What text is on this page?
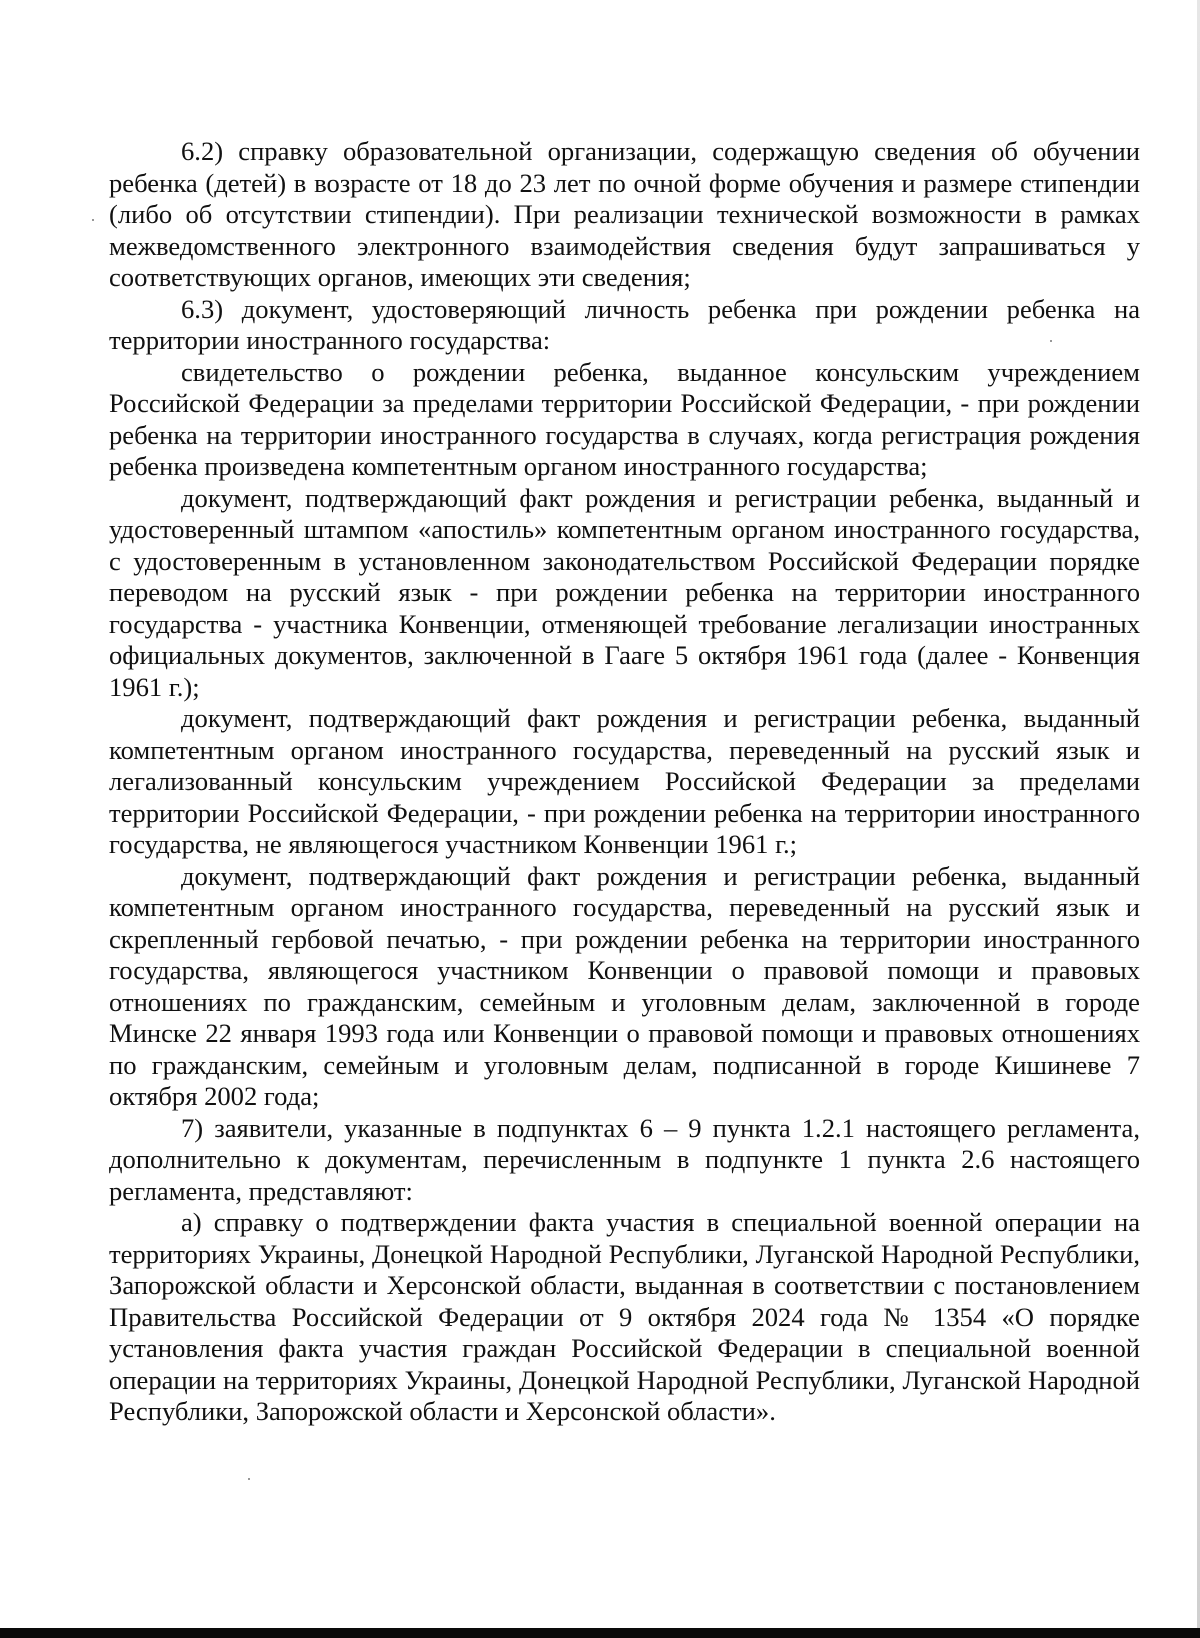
6.2) справку образовательной организации, содержащую сведения об обучении ребенка (детей) в возрасте от 18 до 23 лет по очной форме обучения и размере стипендии (либо об отсутствии стипендии). При реализации технической возможности в рамках межведомственного электронного взаимодействия сведения будут запрашиваться у соответствующих органов, имеющих эти сведения;

6.3) документ, удостоверяющий личность ребенка при рождении ребенка на территории иностранного государства:

свидетельство о рождении ребенка, выданное консульским учреждением Российской Федерации за пределами территории Российской Федерации, - при рождении ребенка на территории иностранного государства в случаях, когда регистрация рождения ребенка произведена компетентным органом иностранного государства;

документ, подтверждающий факт рождения и регистрации ребенка, выданный и удостоверенный штампом «апостиль» компетентным органом иностранного государства, с удостоверенным в установленном законодательством Российской Федерации порядке переводом на русский язык - при рождении ребенка на территории иностранного государства - участника Конвенции, отменяющей требование легализации иностранных официальных документов, заключенной в Гааге 5 октября 1961 года (далее - Конвенция 1961 г.);

документ, подтверждающий факт рождения и регистрации ребенка, выданный компетентным органом иностранного государства, переведенный на русский язык и легализованный консульским учреждением Российской Федерации за пределами территории Российской Федерации, - при рождении ребенка на территории иностранного государства, не являющегося участником Конвенции 1961 г.;

документ, подтверждающий факт рождения и регистрации ребенка, выданный компетентным органом иностранного государства, переведенный на русский язык и скрепленный гербовой печатью, - при рождении ребенка на территории иностранного государства, являющегося участником Конвенции о правовой помощи и правовых отношениях по гражданским, семейным и уголовным делам, заключенной в городе Минске 22 января 1993 года или Конвенции о правовой помощи и правовых отношениях по гражданским, семейным и уголовным делам, подписанной в городе Кишиневе 7 октября 2002 года;

7) заявители, указанные в подпунктах 6 – 9 пункта 1.2.1 настоящего регламента, дополнительно к документам, перечисленным в подпункте 1 пункта 2.6 настоящего регламента, представляют:

а) справку о подтверждении факта участия в специальной военной операции на территориях Украины, Донецкой Народной Республики, Луганской Народной Республики, Запорожской области и Херсонской области, выданная в соответствии с постановлением Правительства Российской Федерации от 9 октября 2024 года № 1354 «О порядке установления факта участия граждан Российской Федерации в специальной военной операции на территориях Украины, Донецкой Народной Республики, Луганской Народной Республики, Запорожской области и Херсонской области».
